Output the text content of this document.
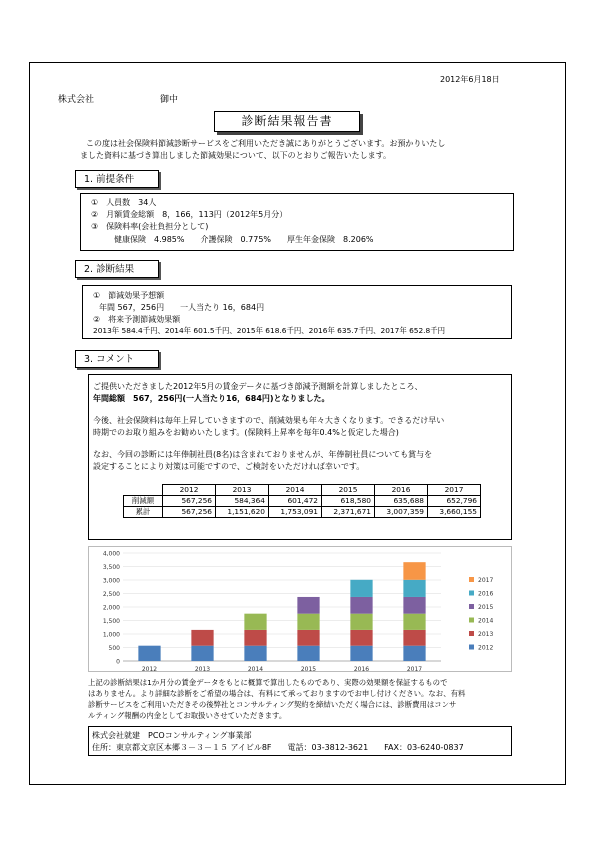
2012年6月18日
株式会社	御中
診断結果報告書
この度は社会保険料節減診断サービスをご利用いただき誠にありがとうございます。お預かりいたし
ました資料に基づき算出しました節減効果について、以下のとおりご報告いたします。
1. 前提条件
①　人員数　34人
②　月額賃金総額　8，166，113円（2012年5月分）
③　保険料率(会社負担分として)
健康保険　4.985%　　介護保険　0.775%　　厚生年金保険　8.206%
2. 診断結果
①　節減効果予想額
年間 567，256円　　一人当たり 16，684円
②　将来予測節減効果額
2013年 584.4千円、2014年 601.5千円、2015年 618.6千円、2016年 635.7千円、2017年 652.8千円
3. コメント
ご提供いただきました2012年5月の賃金データに基づき節減予測額を計算しましたところ、
年間総額　567，256円(一人当たり16，684円)となりました。
今後、社会保険料は毎年上昇していきますので、削減効果も年々大きくなります。できるだけ早い
時期でのお取り組みをお勧めいたします。(保険料上昇率を毎年0.4%と仮定した場合)
なお、今回の診断には年俸制社員(8名)は含まれておりませんが、年俸制社員についても賞与を
設定することにより対策は可能ですので、ご検討をいただければ幸いです。
	2012	2013	2014	2015	2016	2017
削減額	567,256	584,364	601,472	618,580	635,688	652,796
累計	567,256	1,151,620	1,753,091	2,371,671	3,007,359	3,660,155
0
500
1,000
1,500
2,000
2,500
3,000
3,500
4,000
2012	2013	2014	2015	2016	2017
2017
2016
2015
2014
2013
2012
上記の診断結果は1か月分の賃金データをもとに概算で算出したものであり、実際の効果額を保証するもので
はありません。より詳細な診断をご希望の場合は、有料にて承っておりますのでお申し付けください。なお、有料
診断サービスをご利用いただきその後弊社とコンサルティング契約を締結いただく場合には、診断費用はコンサ
ルティング報酬の内金としてお取扱いさせていただきます。
株式会社就建　PCOコンサルティング事業部
住所：東京都文京区本郷３－３－１５ アイビル8F　　電話：03-3812-3621　　FAX：03-6240-0837
